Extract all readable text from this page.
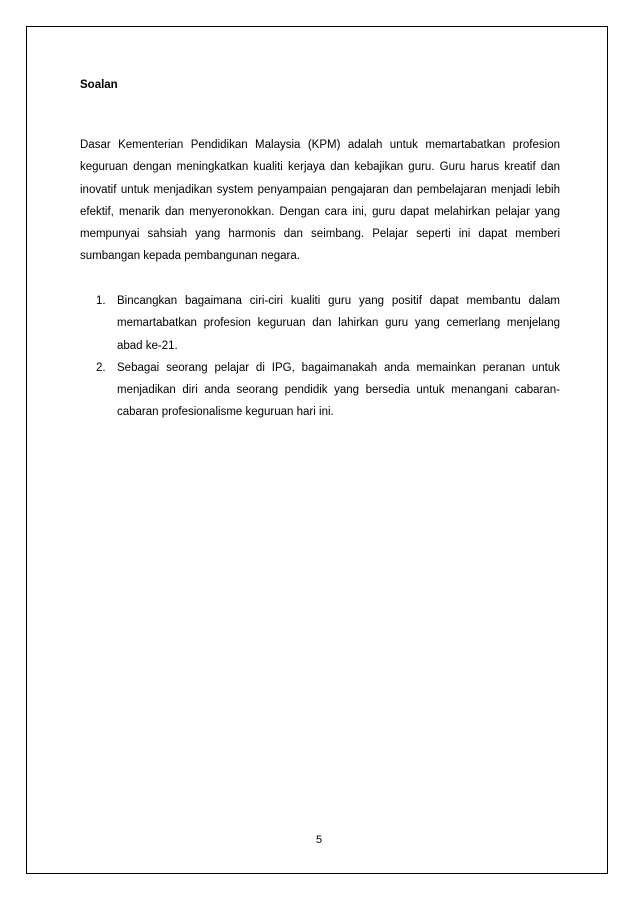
Soalan

Dasar Kementerian Pendidikan Malaysia (KPM) adalah untuk memartabatkan profesion keguruan dengan meningkatkan kualiti kerjaya dan kebajikan guru. Guru harus kreatif dan inovatif untuk menjadikan system penyampaian pengajaran dan pembelajaran menjadi lebih efektif, menarik dan menyeronokkan. Dengan cara ini, guru dapat melahirkan pelajar yang mempunyai sahsiah yang harmonis dan seimbang. Pelajar seperti ini dapat memberi sumbangan kepada pembangunan negara.

1. Bincangkan bagaimana ciri-ciri kualiti guru yang positif dapat membantu dalam memartabatkan profesion keguruan dan lahirkan guru yang cemerlang menjelang abad ke-21.
2. Sebagai seorang pelajar di IPG, bagaimanakah anda memainkan peranan untuk menjadikan diri anda seorang pendidik yang bersedia untuk menangani cabaran-cabaran profesionalisme keguruan hari ini.
5
